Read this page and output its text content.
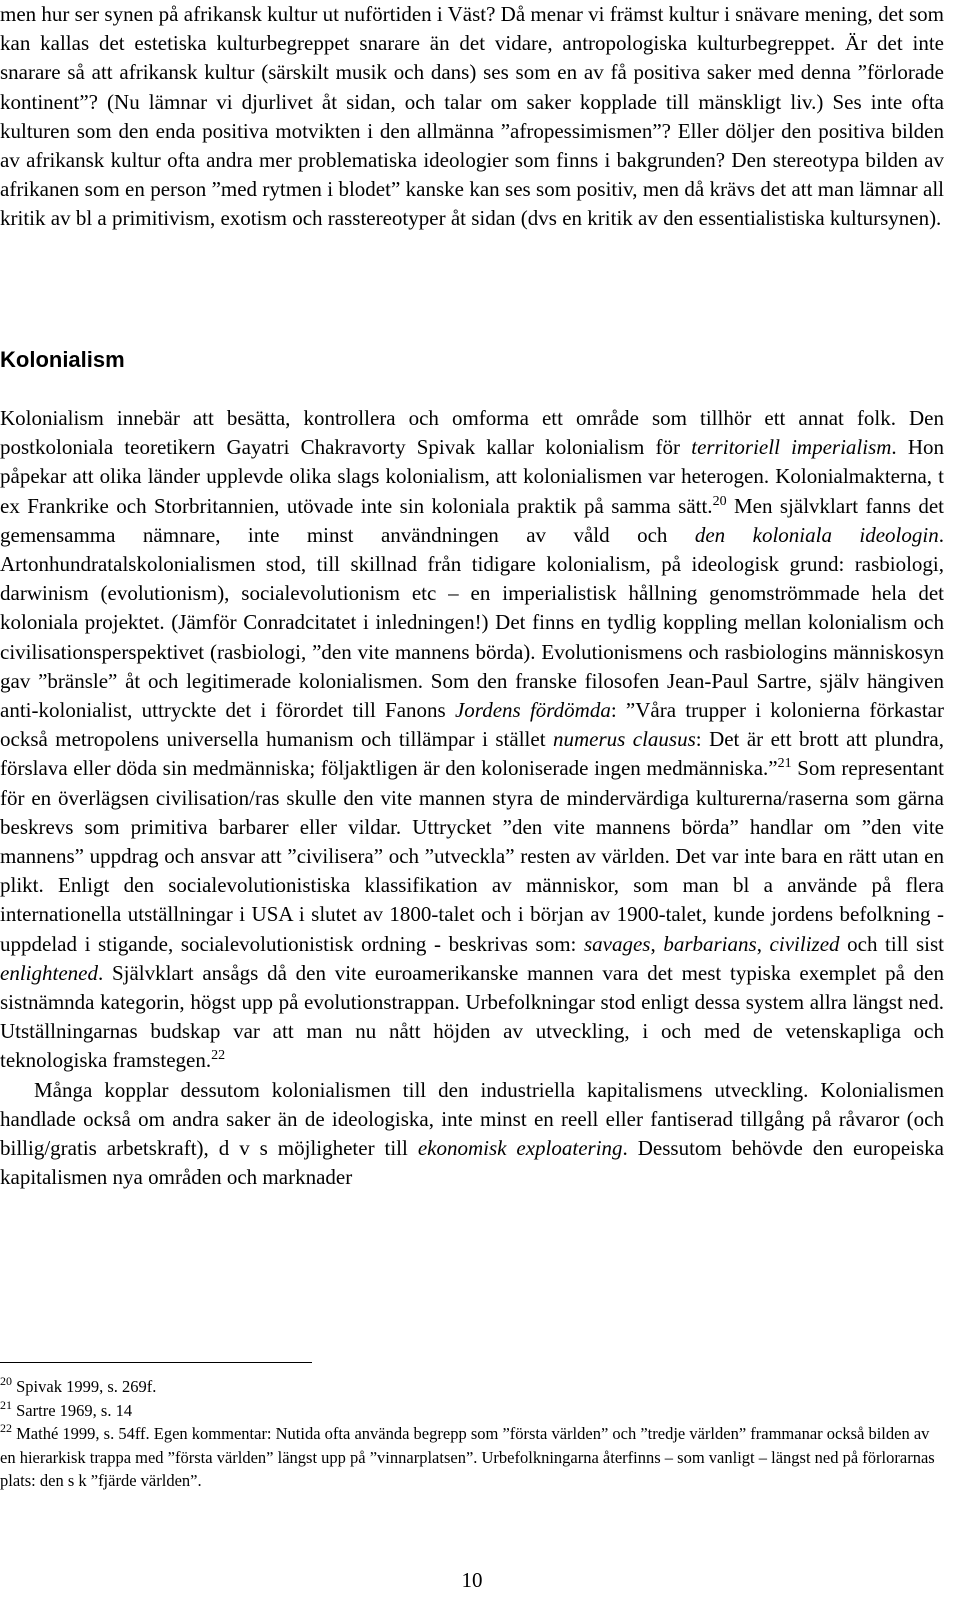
men hur ser synen på afrikansk kultur ut nuförtiden i Väst? Då menar vi främst kultur i snävare mening, det som kan kallas det estetiska kulturbegreppet snarare än det vidare, antropologiska kulturbegreppet. Är det inte snarare så att afrikansk kultur (särskilt musik och dans) ses som en av få positiva saker med denna ”förlorade kontinent”? (Nu lämnar vi djurlivet åt sidan, och talar om saker kopplade till mänskligt liv.) Ses inte ofta kulturen som den enda positiva motvikten i den allmänna ”afropessimismen”? Eller döljer den positiva bilden av afrikansk kultur ofta andra mer problematiska ideologier som finns i bakgrunden? Den stereotypa bilden av afrikanen som en person ”med rytmen i blodet” kanske kan ses som positiv, men då krävs det att man lämnar all kritik av bl a primitivism, exotism och rasstereotyper åt sidan (dvs en kritik av den essentialistiska kultursynen).

Kolonialism

Kolonialism innebär att besätta, kontrollera och omforma ett område som tillhör ett annat folk. Den postkoloniala teoretikern Gayatri Chakravorty Spivak kallar kolonialism för territoriell imperialism. Hon påpekar att olika länder upplevde olika slags kolonialism, att kolonialismen var heterogen. Kolonialmakterna, t ex Frankrike och Storbritannien, utövade inte sin koloniala praktik på samma sätt.$^{20}$ Men självklart fanns det gemensamma nämnare, inte minst användningen av våld och den koloniala ideologin. Artonhundratalskolonialismen stod, till skillnad från tidigare kolonialism, på ideologisk grund: rasbiologi, darwinism (evolutionism), socialevolutionism etc – en imperialistisk hållning genomströmmade hela det koloniala projektet. (Jämför Conradcitatet i inledningen!) Det finns en tydlig koppling mellan kolonialism och civilisationsperspektivet (rasbiologi, ”den vite mannens börda). Evolutionismens och rasbiologins människosyn gav ”bränsle” åt och legitimerade kolonialismen. Som den franske filosofen Jean-Paul Sartre, själv hängiven anti-kolonialist, uttryckte det i förordet till Fanons Jordens fördömda: ”Våra trupper i kolonierna förkastar också metropolens universella humanism och tillämpar i stället numerus clausus: Det är ett brott att plundra, förslava eller döda sin medmänniska; följaktligen är den koloniserade ingen medmänniska.”$^{21}$ Som representant för en överlägsen civilisation/ras skulle den vite mannen styra de mindervärdiga kulturerna/raserna som gärna beskrevs som primitiva barbarer eller vildar. Uttrycket ”den vite mannens börda” handlar om ”den vite mannens” uppdrag och ansvar att ”civilisera” och ”utveckla” resten av världen. Det var inte bara en rätt utan en plikt. Enligt den socialevolutionistiska klassifikation av människor, som man bl a använde på flera internationella utställningar i USA i slutet av 1800-talet och i början av 1900-talet, kunde jordens befolkning - uppdelad i stigande, socialevolutionistisk ordning - beskrivas som: savages, barbarians, civilized och till sist enlightened. Självklart ansågs då den vite euroamerikanske mannen vara det mest typiska exemplet på den sistnämnda kategorin, högst upp på evolutionstrappan. Urbefolkningar stod enligt dessa system allra längst ned. Utställningarnas budskap var att man nu nått höjden av utveckling, i och med de vetenskapliga och teknologiska framstegen.$^{22}$

Många kopplar dessutom kolonialismen till den industriella kapitalismens utveckling. Kolonialismen handlade också om andra saker än de ideologiska, inte minst en reell eller fantiserad tillgång på råvaror (och billig/gratis arbetskraft), d v s möjligheter till ekonomisk exploatering. Dessutom behövde den europeiska kapitalismen nya områden och marknader

$^{20}$ Spivak 1999, s. 269f.

$^{21}$ Sartre 1969, s. 14

$^{22}$ Mathé 1999, s. 54ff. Egen kommentar: Nutida ofta använda begrepp som ”första världen” och ”tredje världen” frammanar också bilden av en hierarkisk trappa med ”första världen” längst upp på ”vinnarplatsen”. Urbefolkningarna återfinns – som vanligt – längst ned på förlorarnas plats: den s k ”fjärde världen”.

10
